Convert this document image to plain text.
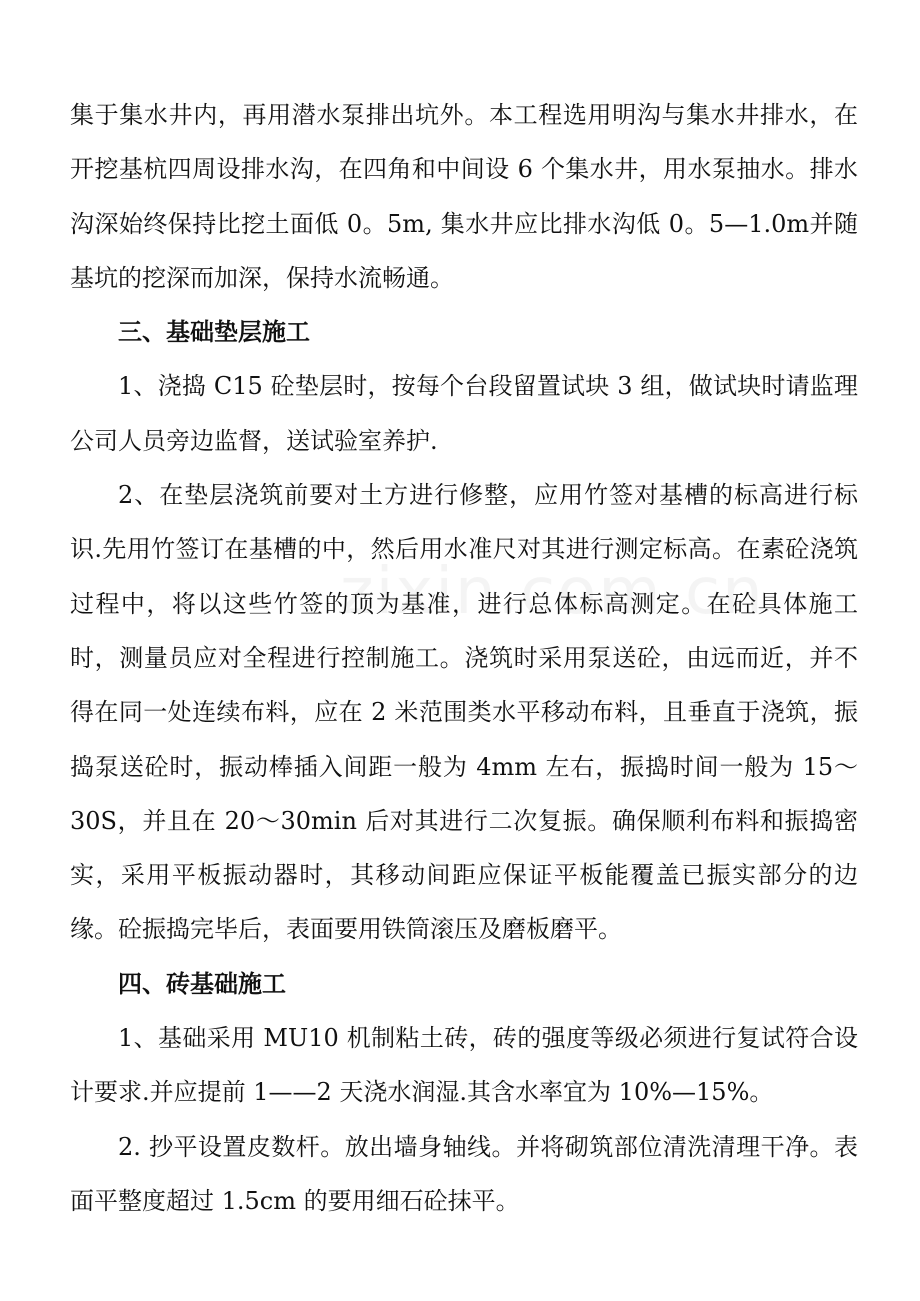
集于集水井内，再用潜水泵排出坑外。本工程选用明沟与集水井排水，在开挖基杭四周设排水沟，在四角和中间设 6 个集水井，用水泵抽水。排水沟深始终保持比挖土面低 0。5m, 集水井应比排水沟低 0。5—1.0m并随基坑的挖深而加深，保持水流畅通。

三、基础垫层施工

1、浇捣 C15 砼垫层时，按每个台段留置试块 3 组，做试块时请监理公司人员旁边监督，送试验室养护.

2、在垫层浇筑前要对土方进行修整，应用竹签对基槽的标高进行标识.先用竹签订在基槽的中，然后用水准尺对其进行测定标高。在素砼浇筑过程中，将以这些竹签的顶为基准，进行总体标高测定。在砼具体施工时，测量员应对全程进行控制施工。浇筑时采用泵送砼，由远而近，并不得在同一处连续布料，应在 2 米范围类水平移动布料，且垂直于浇筑，振捣泵送砼时，振动棒插入间距一般为 4mm 左右，振捣时间一般为 15～30S，并且在 20～30min 后对其进行二次复振。确保顺利布料和振捣密实，采用平板振动器时，其移动间距应保证平板能覆盖已振实部分的边缘。砼振捣完毕后，表面要用铁筒滚压及磨板磨平。

四、砖基础施工

1、基础采用 MU10 机制粘土砖，砖的强度等级必须进行复试符合设计要求.并应提前 1——2 天浇水润湿.其含水率宜为 10%—15%。

2. 抄平设置皮数杆。放出墙身轴线。并将砌筑部位清洗清理干净。表面平整度超过 1.5cm 的要用细石砼抹平。
